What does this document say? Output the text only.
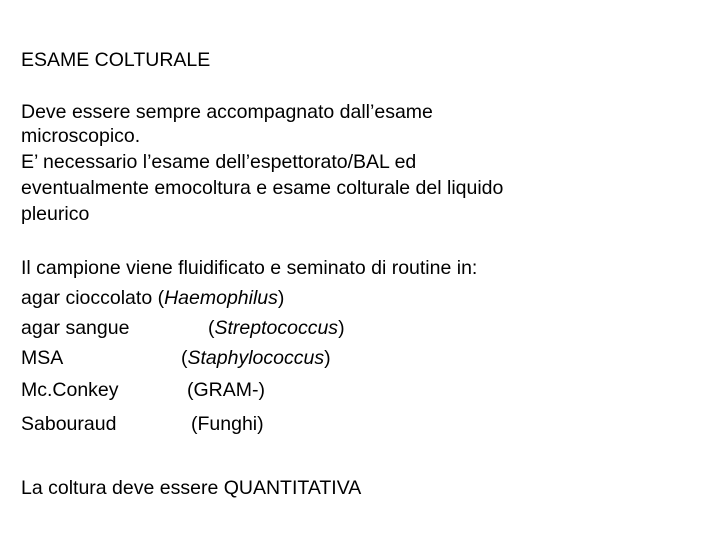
ESAME COLTURALE
Deve essere sempre accompagnato dall’esame
microscopico.
E’ necessario l’esame dell’espettorato/BAL ed
eventualmente emocoltura e esame colturale del liquido
pleurico
Il campione viene fluidificato e seminato di routine in:
agar cioccolato (Haemophilus)
agar sangue	(Streptococcus)
MSA	(Staphylococcus)
Mc.Conkey	(GRAM-)
Sabouraud	(Funghi)
La coltura deve essere QUANTITATIVA
